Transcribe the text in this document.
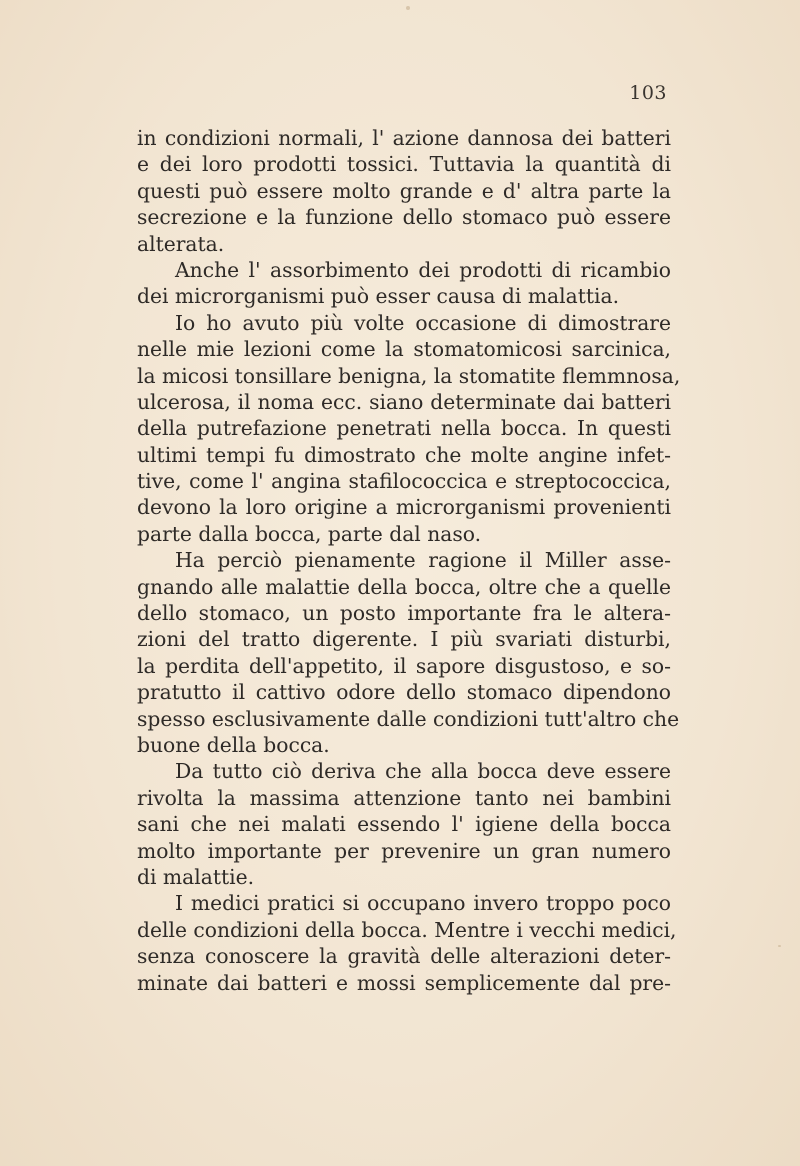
103
in condizioni normali, l' azione dannosa dei batteri
e dei loro prodotti tossici. Tuttavia la quantità di
questi può essere molto grande e d' altra parte la
secrezione e la funzione dello stomaco può essere
alterata.
Anche l' assorbimento dei prodotti di ricambio
dei microrganismi può esser causa di malattia.
Io ho avuto più volte occasione di dimostrare
nelle mie lezioni come la stomatomicosi sarcinica,
la micosi tonsillare benigna, la stomatite flemmnosa,
ulcerosa, il noma ecc. siano determinate dai batteri
della putrefazione penetrati nella bocca. In questi
ultimi tempi fu dimostrato che molte angine infet-
tive, come l' angina stafilococcica e streptococcica,
devono la loro origine a microrganismi provenienti
parte dalla bocca, parte dal naso.
Ha perciò pienamente ragione il Miller asse-
gnando alle malattie della bocca, oltre che a quelle
dello stomaco, un posto importante fra le altera-
zioni del tratto digerente. I più svariati disturbi,
la perdita dell'appetito, il sapore disgustoso, e so-
pratutto il cattivo odore dello stomaco dipendono
spesso esclusivamente dalle condizioni tutt'altro che
buone della bocca.
Da tutto ciò deriva che alla bocca deve essere
rivolta la massima attenzione tanto nei bambini
sani che nei malati essendo l' igiene della bocca
molto importante per prevenire un gran numero
di malattie.
I medici pratici si occupano invero troppo poco
delle condizioni della bocca. Mentre i vecchi medici,
senza conoscere la gravità delle alterazioni deter-
minate dai batteri e mossi semplicemente dal pre-
